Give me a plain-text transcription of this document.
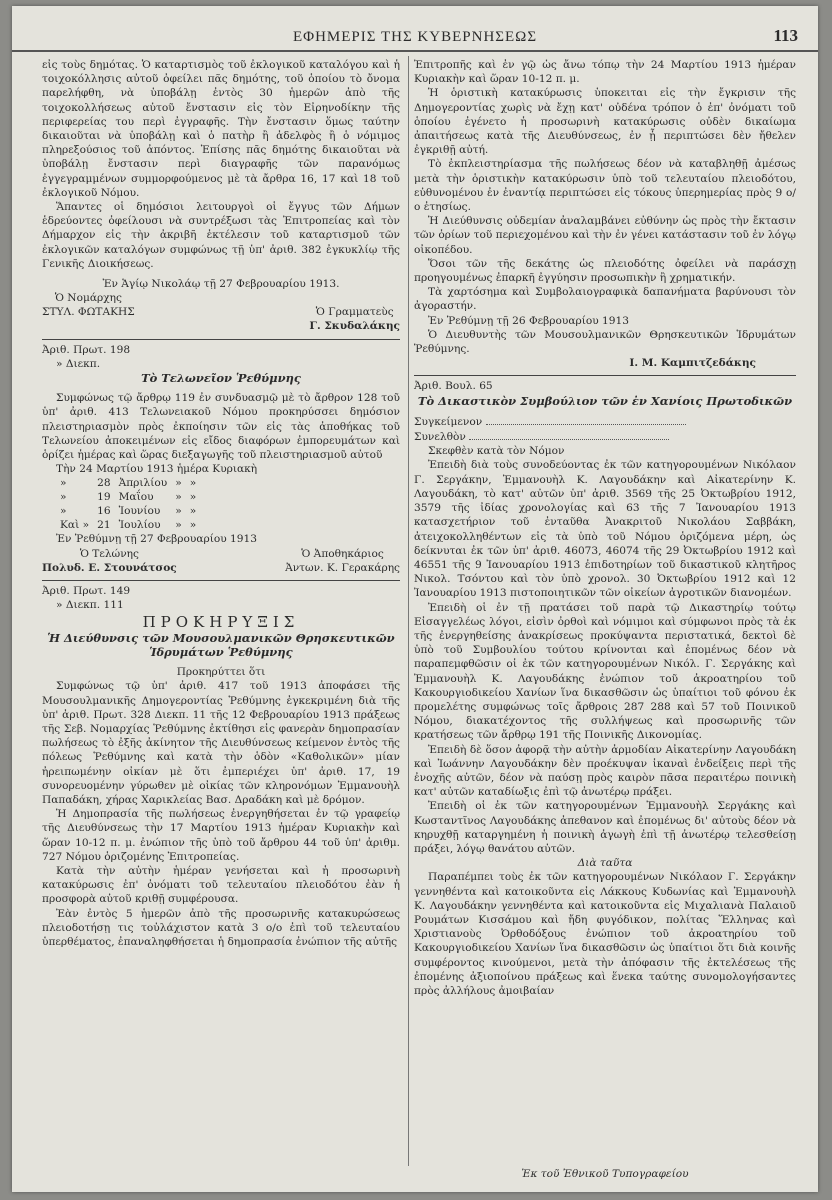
ΕΦΗΜΕΡΙΣ ΤΗΣ ΚΥΒΕΡΝΗΣΕΩΣ	113

εἰς τοὺς δημότας. Ὁ καταρτισμὸς τοῦ ἐκλογικοῦ καταλόγου καὶ ἡ τοιχοκόλλησις αὐτοῦ ὀφείλει πᾶς δημότης, τοῦ ὁποίου τὸ ὄνομα παρελήφθη, νὰ ὑποβάλῃ ἐντὸς 30 ἡμερῶν ἀπὸ τῆς τοιχοκολλήσεως αὐτοῦ ἔνστασιν εἰς τὸν Εἰρηνοδίκην τῆς περιφερείας του περὶ ἐγγραφῆς. Τὴν ἔνστασιν ὅμως ταύτην δικαιοῦται νὰ ὑποβάλῃ καὶ ὁ πατὴρ ἢ ἀδελφὸς ἢ ὁ νόμιμος πληρεξούσιος τοῦ ἀπόντος. Ἐπίσης πᾶς δημότης δικαιοῦται νὰ ὑποβάλῃ ἔνστασιν περὶ διαγραφῆς τῶν παρανόμως ἐγγεγραμμένων συμμορφούμενος μὲ τὰ ἄρθρα 16, 17 καὶ 18 τοῦ ἐκλογικοῦ Νόμου.

Ἅπαντες οἱ δημόσιοι λειτουργοὶ οἱ ἔγγυς τῶν Δήμων ἑδρεύοντες ὀφείλουσι νὰ συντρέξωσι τὰς Ἐπιτροπείας καὶ τὸν Δήμαρχον εἰς τὴν ἀκριβῆ ἐκτέλεσιν τοῦ καταρτισμοῦ τῶν ἐκλογικῶν καταλόγων συμφώνως τῇ ὑπ' ἀριθ. 382 ἐγκυκλίῳ τῆς Γενικῆς Διοικήσεως.

Ἐν Ἁγίῳ Νικολάῳ τῇ 27 Φεβρουαρίου 1913.

Ὁ Νομάρχης
ΣΤΥΛ. ΦΩΤΑΚΗΣ	Ὁ Γραμματεὺς
Γ. Σκυδαλάκης
Ἀριθ. Πρωτ. 198
» Διεκπ.
Τὸ Τελωνεῖον Ῥεθύμνης

Συμφώνως τῷ ἄρθρῳ 119 ἐν συνδυασμῷ μὲ τὸ ἄρθρον 128 τοῦ ὑπ' ἀριθ. 413 Τελωνειακοῦ Νόμου προκηρύσσει δημόσιον πλειστηριασμὸν πρὸς ἐκποίησιν τῶν εἰς τὰς ἀποθήκας τοῦ Τελωνείου ἀποκειμένων εἰς εἴδος διαφόρων ἐμπορευμάτων καὶ ὁρίζει ἡμέρας καὶ ὥρας διεξαγωγῆς τοῦ πλειστηριασμοῦ αὐτοῦ

Τὴν 24 Μαρτίου 1913 ἡμέρα Κυριακὴ

»	28	Ἀπριλίου	»	»
»	19	Μαΐου	»	»
»	16	Ἰουνίου	»	»
Καὶ »	21	Ἰουλίου	»	»

Ἐν Ῥεθύμνῃ τῇ 27 Φεβρουαρίου 1913

Ὁ Τελώνης
Πολυδ. Ε. Στουνάτσος
Ὁ Ἀποθηκάριος
Ἀντων. Κ. Γερακάρης
Ἀριθ. Πρωτ. 149
» Διεκπ. 111
ΠΡΟΚΗΡΥΞΙΣ
Ἡ Διεύθυνσις τῶν Μουσουλμανικῶν Θρησκευτικῶν Ἱδρυμάτων Ῥεθύμνης

Προκηρύττει ὅτι

Συμφώνως τῷ ὑπ' ἀριθ. 417 τοῦ 1913 ἀποφάσει τῆς Μουσουλμανικῆς Δημογεροντίας Ῥεθύμνης ἐγκεκριμένη διὰ τῆς ὑπ' ἀριθ. Πρωτ. 328 Διεκπ. 11 τῆς 12 Φεβρουαρίου 1913 πράξεως τῆς Σεβ. Νομαρχίας Ῥεθύμνης ἐκτίθησι εἰς φανερὰν δημοπρασίαν πωλήσεως τὸ ἐξῆς ἀκίνητον τῆς Διευθύνσεως κείμενον ἐντὸς τῆς πόλεως Ῥεθύμνης καὶ κατὰ τὴν ὁδὸν «Καθολικῶν» μίαν ἠρειπωμένην οἰκίαν μὲ ὅτι ἐμπεριέχει ὑπ' ἀριθ. 17, 19 συνορευομένην γύρωθεν μὲ οἰκίας τῶν κληρονόμων Ἐμμανουὴλ Παπαδάκη, χήρας Χαρικλείας Βασ. Δραδάκη καὶ μὲ δρόμον.

Ἡ Δημοπρασία τῆς πωλήσεως ἐνεργηθήσεται ἐν τῷ γραφείῳ τῆς Διευθύνσεως τὴν 17 Μαρτίου 1913 ἡμέραν Κυριακὴν καὶ ὥραν 10-12 π. μ. ἐνώπιον τῆς ὑπὸ τοῦ ἄρθρου 44 τοῦ ὑπ' ἀριθμ. 727 Νόμου ὁριζομένης Ἐπιτροπείας.

Κατὰ τὴν αὐτὴν ἡμέραν γενήσεται καὶ ἡ προσωρινὴ κατακύρωσις ἐπ' ὀνόματι τοῦ τελευταίου πλειοδότου ἐὰν ἡ προσφορὰ αὐτοῦ κριθῇ συμφέρουσα.

Ἐὰν ἐντὸς 5 ἡμερῶν ἀπὸ τῆς προσωρινῆς κατακυρώσεως πλειοδοτήσῃ τις τοὐλάχιστον κατὰ 3 ο/ο ἐπὶ τοῦ τελευταίου ὑπερθέματος, ἐπαναληφθήσεται ἡ δημοπρασία ἐνώπιον τῆς αὐτῆς

Ἐπιτροπῆς καὶ ἐν γῷ ὡς ἄνω τόπῳ τὴν 24 Μαρτίου 1913 ἡμέραν Κυριακὴν καὶ ὥραν 10-12 π. μ.

Ἡ ὁριστικὴ κατακύρωσις ὑποκειται εἰς τὴν ἔγκρισιν τῆς Δημογεροντίας χωρὶς νὰ ἔχῃ κατ' οὐδένα τρόπον ὁ ἐπ' ὀνόματι τοῦ ὁποίου ἐγένετο ἡ προσωρινὴ κατακύρωσις οὐδὲν δικαίωμα ἀπαιτήσεως κατὰ τῆς Διευθύνσεως, ἐν ᾗ περιπτώσει δὲν ἤθελεν ἐγκριθῇ αὐτή.

Τὸ ἐκπλειστηρίασμα τῆς πωλήσεως δέον νὰ καταβληθῇ ἀμέσως μετὰ τὴν ὁριστικὴν κατακύρωσιν ὑπὸ τοῦ τελευταίου πλειοδότου, εὐθυνομένου ἐν ἐναντίᾳ περιπτώσει εἰς τόκους ὑπερημερίας πρὸς 9 ο/ο ἐτησίως.

Ἡ Διεύθυνσις οὐδεμίαν ἀναλαμβάνει εὐθύνην ὡς πρὸς τὴν ἔκτασιν τῶν ὁρίων τοῦ περιεχομένου καὶ τὴν ἐν γένει κατάστασιν τοῦ ἐν λόγῳ οἰκοπέδου.

Ὅσοι τῶν τῆς δεκάτης ὡς πλειοδότης ὀφείλει νὰ παράσχῃ προηγουμένως ἐπαρκῆ ἐγγύησιν προσωπικὴν ἢ χρηματικήν.

Τὰ χαρτόσημα καὶ Συμβολαιογραφικὰ δαπανήματα βαρύνουσι τὸν ἀγοραστήν.

Ἐν Ῥεθύμνῃ τῇ 26 Φεβρουαρίου 1913

Ὁ Διευθυντὴς τῶν Μουσουλμανικῶν Θρησκευτικῶν Ἱδρυμάτων Ῥεθύμνης.

Ι. Μ. Καμπιτζεδάκης

Ἀριθ. Βουλ. 65
Τὸ Δικαστικὸν Συμβούλιον τῶν ἐν Χανίοις Πρωτοδικῶν
Συγκείμενον
Συνελθὸν

Σκεφθὲν κατὰ τὸν Νόμον

Ἐπειδὴ διὰ τοὺς συνοδεύοντας ἐκ τῶν κατηγορουμένων Νικόλαον Γ. Σεργάκην, Ἐμμανουὴλ Κ. Λαγουδάκην καὶ Αἰκατερίνην Κ. Λαγουδάκη, τὸ κατ' αὐτῶν ὑπ' ἀριθ. 3569 τῆς 25 Ὀκτωβρίου 1912, 3579 τῆς ἰδίας χρονολογίας καὶ 63 τῆς 7 Ἰανουαρίου 1913 κατασχετήριον τοῦ ἐνταῦθα Ἀνακριτοῦ Νικολάου Σαββάκη, ἀτειχοκολληθέντων εἰς τὰ ὑπὸ τοῦ Νόμου ὁριζόμενα μέρη, ὡς δείκνυται ἐκ τῶν ὑπ' ἀριθ. 46073, 46074 τῆς 29 Ὀκτωβρίου 1912 καὶ 46551 τῆς 9 Ἰανουαρίου 1913 ἐπιδοτηρίων τοῦ δικαστικοῦ κλητῆρος Νικολ. Τσόντου καὶ τὸν ὑπὸ χρονολ. 30 Ὀκτωβρίου 1912 καὶ 12 Ἰανουαρίου 1913 πιστοποιητικῶν τῶν οἰκείων ἀγροτικῶν διανομέων.

Ἐπειδὴ οἱ ἐν τῇ πρατάσει τοῦ παρὰ τῷ Δικαστηρίῳ τούτῳ Εἰσαγγελέως λόγοι, εἰσὶν ὀρθοὶ καὶ νόμιμοι καὶ σύμφωνοι πρὸς τὰ ἐκ τῆς ἐνεργηθείσης ἀνακρίσεως προκύψαντα περιστατικά, δεκτοὶ δὲ ὑπὸ τοῦ Συμβουλίου τούτου κρίνονται καὶ ἐπομένως δέον νὰ παραπεμφθῶσιν οἱ ἐκ τῶν κατηγορουμένων Νικόλ. Γ. Σεργάκης καὶ Ἐμμανουὴλ Κ. Λαγουδάκης ἐνώπιον τοῦ ἀκροατηρίου τοῦ Κακουργιοδικείου Χανίων ἵνα δικασθῶσιν ὡς ὑπαίτιοι τοῦ φόνου ἐκ προμελέτης συμφώνως τοῖς ἄρθροις 287 288 καὶ 57 τοῦ Ποινικοῦ Νόμου, διακατέχοντος τῆς συλλήψεως καὶ προσωρινῆς τῶν κρατήσεως τῶν ἄρθρῳ 191 τῆς Ποινικῆς Δικονομίας.

Ἐπειδὴ δὲ ὅσον ἀφορᾷ τὴν αὐτὴν ἀρμοδίαν Αἰκατερίνην Λαγουδάκη καὶ Ἰωάννην Λαγουδάκην δὲν προέκυψαν ἱκαναὶ ἐνδείξεις περὶ τῆς ἐνοχῆς αὐτῶν, δέον νὰ παύσῃ πρὸς καιρὸν πᾶσα περαιτέρω ποινικὴ κατ' αὐτῶν καταδίωξις ἐπὶ τῷ ἀνωτέρῳ πράξει.

Ἐπειδὴ οἱ ἐκ τῶν κατηγορουμένων Ἐμμανουὴλ Σεργάκης καὶ Κωσταντῖνος Λαγουδάκης ἀπεθανον καὶ ἐπομένως δι' αὐτοὺς δέον νὰ κηρυχθῇ καταργημένη ἡ ποινικὴ ἀγωγὴ ἐπὶ τῇ ἀνωτέρῳ τελεσθείσῃ πράξει, λόγῳ θανάτου αὐτῶν.

Διὰ ταῦτα

Παραπέμπει τοὺς ἐκ τῶν κατηγορουμένων Νικόλαον Γ. Σεργάκην γεννηθέντα καὶ κατοικοῦντα εἰς Λάκκους Κυδωνίας καὶ Ἐμμανουὴλ Κ. Λαγουδάκην γεννηθέντα καὶ κατοικοῦντα εἰς Μιχαλιανὰ Παλαιοῦ Ρουμάτων Κισσάμου καὶ ἤδη φυγόδικον, πολίτας Ἕλληνας καὶ Χριστιανοὺς Ὀρθοδόξους ἐνώπιον τοῦ ἀκροατηρίου τοῦ Κακουργιοδικείου Χανίων ἵνα δικασθῶσιν ὡς ὑπαίτιοι ὅτι διὰ κοινῆς συμφέροντος κινούμενοι, μετὰ τὴν ἀπόφασιν τῆς ἐκτελέσεως τῆς ἐπομένης ἀξιοποίνου πράξεως καὶ ἕνεκα ταύτης συνομολογήσαντες πρὸς ἀλλήλους ἀμοιβαίαν

Ἐκ τοῦ Ἐθνικοῦ Τυπογραφείου
